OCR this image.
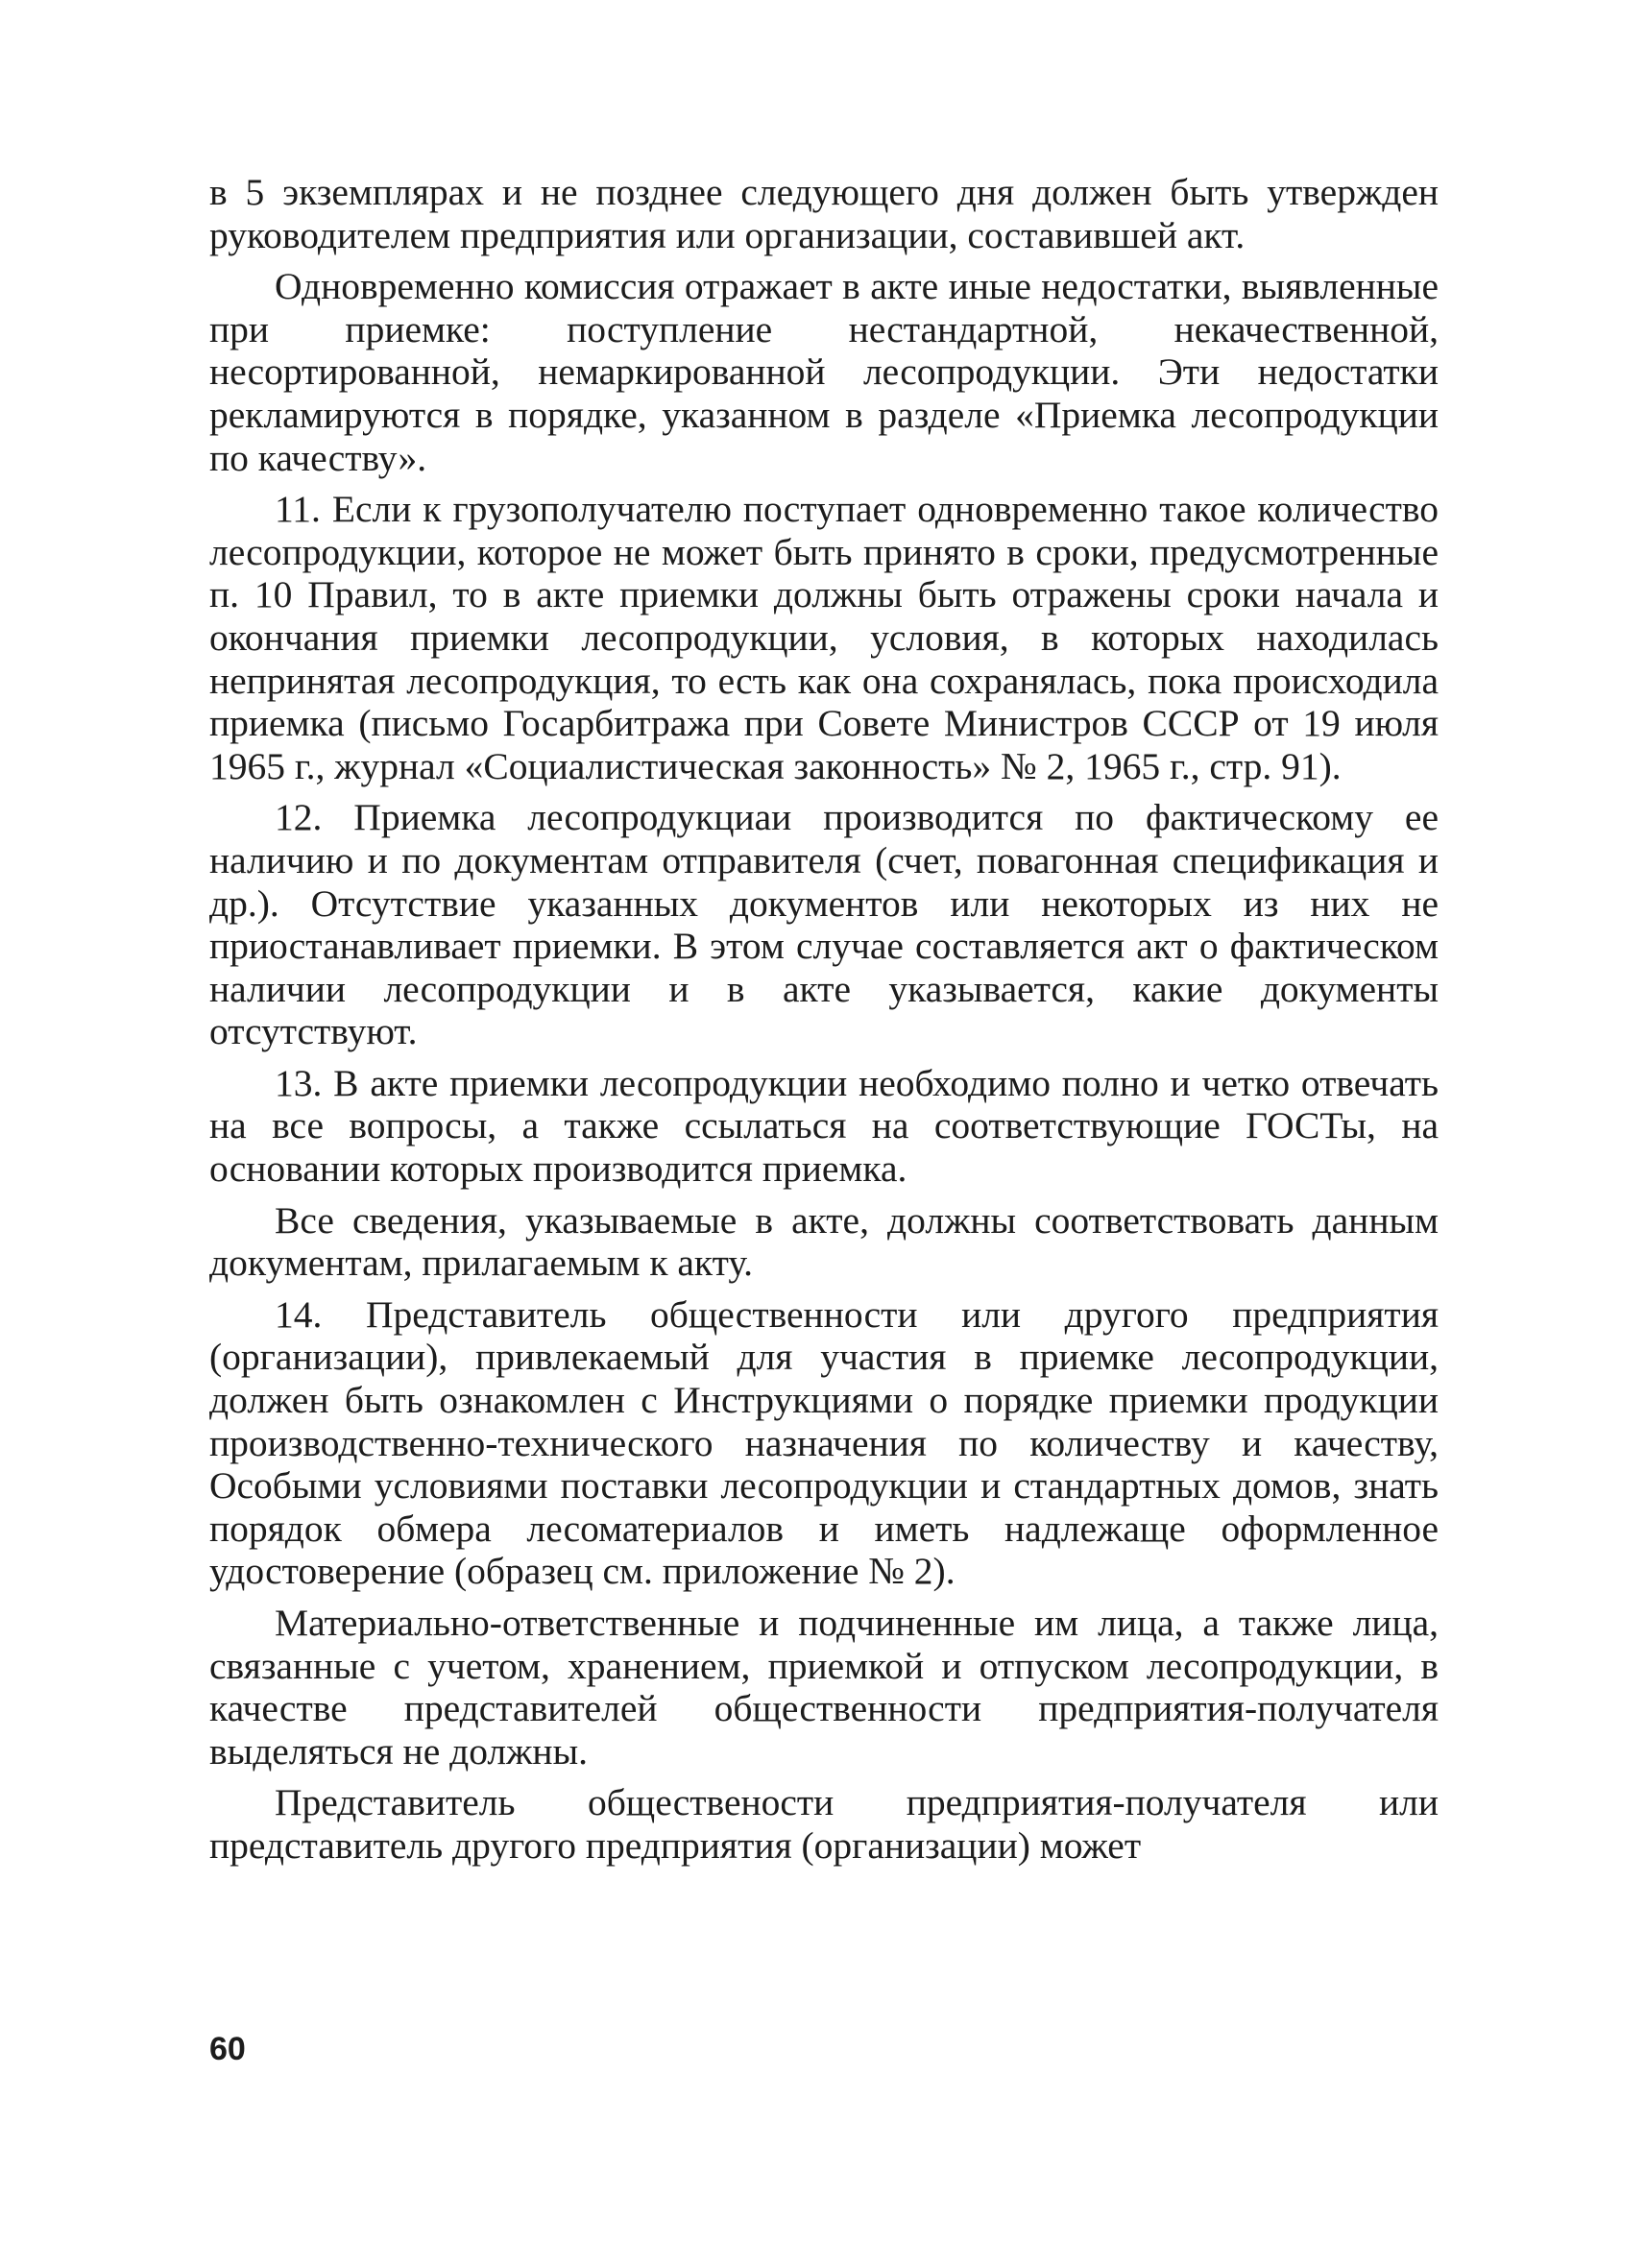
в 5 экземплярах и не позднее следующего дня должен быть утвержден руководителем предприятия или организации, составившей акт.

Одновременно комиссия отражает в акте иные недостатки, выявленные при приемке: поступление нестандартной, некачественной, несортированной, немаркированной лесопродукции. Эти недостатки рекламируются в порядке, указанном в разделе «Приемка лесопродукции по качеству».

11. Если к грузополучателю поступает одновременно такое количество лесопродукции, которое не может быть принято в сроки, предусмотренные п. 10 Правил, то в акте приемки должны быть отражены сроки начала и окончания приемки лесопродукции, условия, в которых находилась непринятая лесопродукция, то есть как она сохранялась, пока происходила приемка (письмо Госарбитража при Совете Министров СССР от 19 июля 1965 г., журнал «Социалистическая законность» № 2, 1965 г., стр. 91).

12. Приемка лесопродукциаи производится по фактическому ее наличию и по документам отправителя (счет, повагонная спецификация и др.). Отсутствие указанных документов или некоторых из них не приостанавливает приемки. В этом случае составляется акт о фактическом наличии лесопродукции и в акте указывается, какие документы отсутствуют.

13. В акте приемки лесопродукции необходимо полно и четко отвечать на все вопросы, а также ссылаться на соответствующие ГОСТы, на основании которых производится приемка.

Все сведения, указываемые в акте, должны соответствовать данным документам, прилагаемым к акту.

14. Представитель общественности или другого предприятия (организации), привлекаемый для участия в приемке лесопродукции, должен быть ознакомлен с Инструкциями о порядке приемки продукции производственно-технического назначения по количеству и качеству, Особыми условиями поставки лесопродукции и стандартных домов, знать порядок обмера лесоматериалов и иметь надлежаще оформленное удостоверение (образец см. приложение № 2).

Материально-ответственные и подчиненные им лица, а также лица, связанные с учетом, хранением, приемкой и отпуском лесопродукции, в качестве представителей общественности предприятия-получателя выделяться не должны.

Представитель общественоcти предприятия-получателя или представитель другого предприятия (организации) может

60
